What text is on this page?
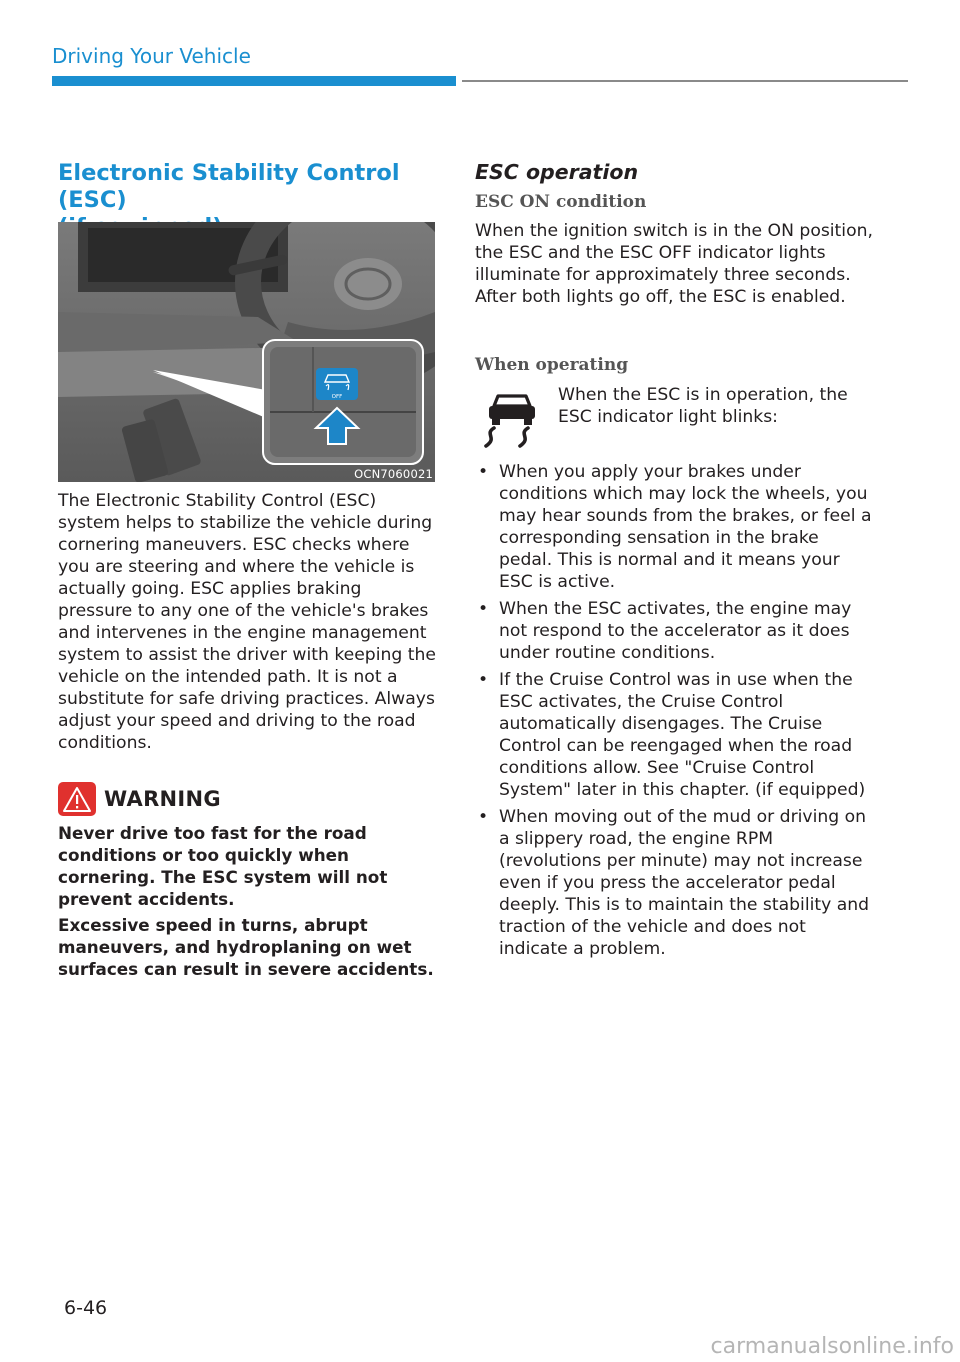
Driving Your Vehicle
Electronic Stability Control (ESC)
OFF
OCN7060021

The Electronic Stability Control (ESC) system helps to stabilize the vehicle during cornering maneuvers. ESC checks where you are steering and where the vehicle is actually going. ESC applies braking pressure to any one of the vehicle's brakes and intervenes in the engine management system to assist the driver with keeping the vehicle on the intended path. It is not a substitute for safe driving practices. Always adjust your speed and driving to the road conditions.

WARNING

Never drive too fast for the road conditions or too quickly when cornering. The ESC system will not prevent accidents.

Excessive speed in turns, abrupt maneuvers, and hydroplaning on wet surfaces can result in severe accidents.

ESC operation
ESC ON condition

When the ignition switch is in the ON position, the ESC and the ESC OFF indicator lights illuminate for approximately three seconds. After both lights go off, the ESC is enabled.

When operating

When the ESC is in operation, the ESC indicator light blinks:

• When you apply your brakes under conditions which may lock the wheels, you may hear sounds from the brakes, or feel a corresponding sensation in the brake pedal. This is normal and it means your ESC is active.
• When the ESC activates, the engine may not respond to the accelerator as it does under routine conditions.
• If the Cruise Control was in use when the ESC activates, the Cruise Control automatically disengages. The Cruise Control can be reengaged when the road conditions allow. See "Cruise Control System" later in this chapter. (if equipped)
• When moving out of the mud or driving on a slippery road, the engine RPM (revolutions per minute) may not increase even if you press the accelerator pedal deeply. This is to maintain the stability and traction of the vehicle and does not indicate a problem.
6-46
carmanualsonline.info
